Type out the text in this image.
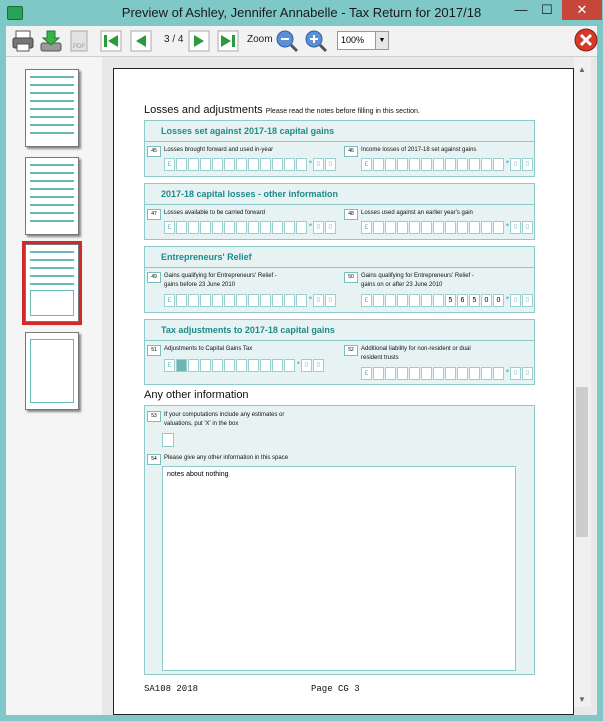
Preview of Ashley, Jennifer Annabelle - Tax Return for 2017/18	—	☐	✕
PDF
3 / 4	Zoom	100%	▼
▲
▼
Losses and adjustments Please read the notes before filling in this section.
Losses set against 2017-18 capital gains
45	Losses brought forward and used in-year
£	• 0	0
46	Income losses of 2017-18 set against gains
£	• 0	0
2017-18 capital losses - other information
47	Losses available to be carried forward
£	• 0	0
48	Losses used against an earlier year's gain
£	• 0	0
Entrepreneurs' Relief
49	Gains qualifying for Entrepreneurs' Relief -
gains before 23 June 2010
£	• 0	0
50	Gains qualifying for Entrepreneurs' Relief -
gains on or after 23 June 2010
£	5	6	5	0	0 • 0	0
Tax adjustments to 2017-18 capital gains
51	Adjustments to Capital Gains Tax
£	• 0	0
52	Additional liability for non-resident or dual
resident trusts
£	• 0	0
Any other information
53	If your computations include any estimates or
valuations, put 'X' in the box
54	Please give any other information in this space
notes about nothing
SA108 2018	Page CG 3
